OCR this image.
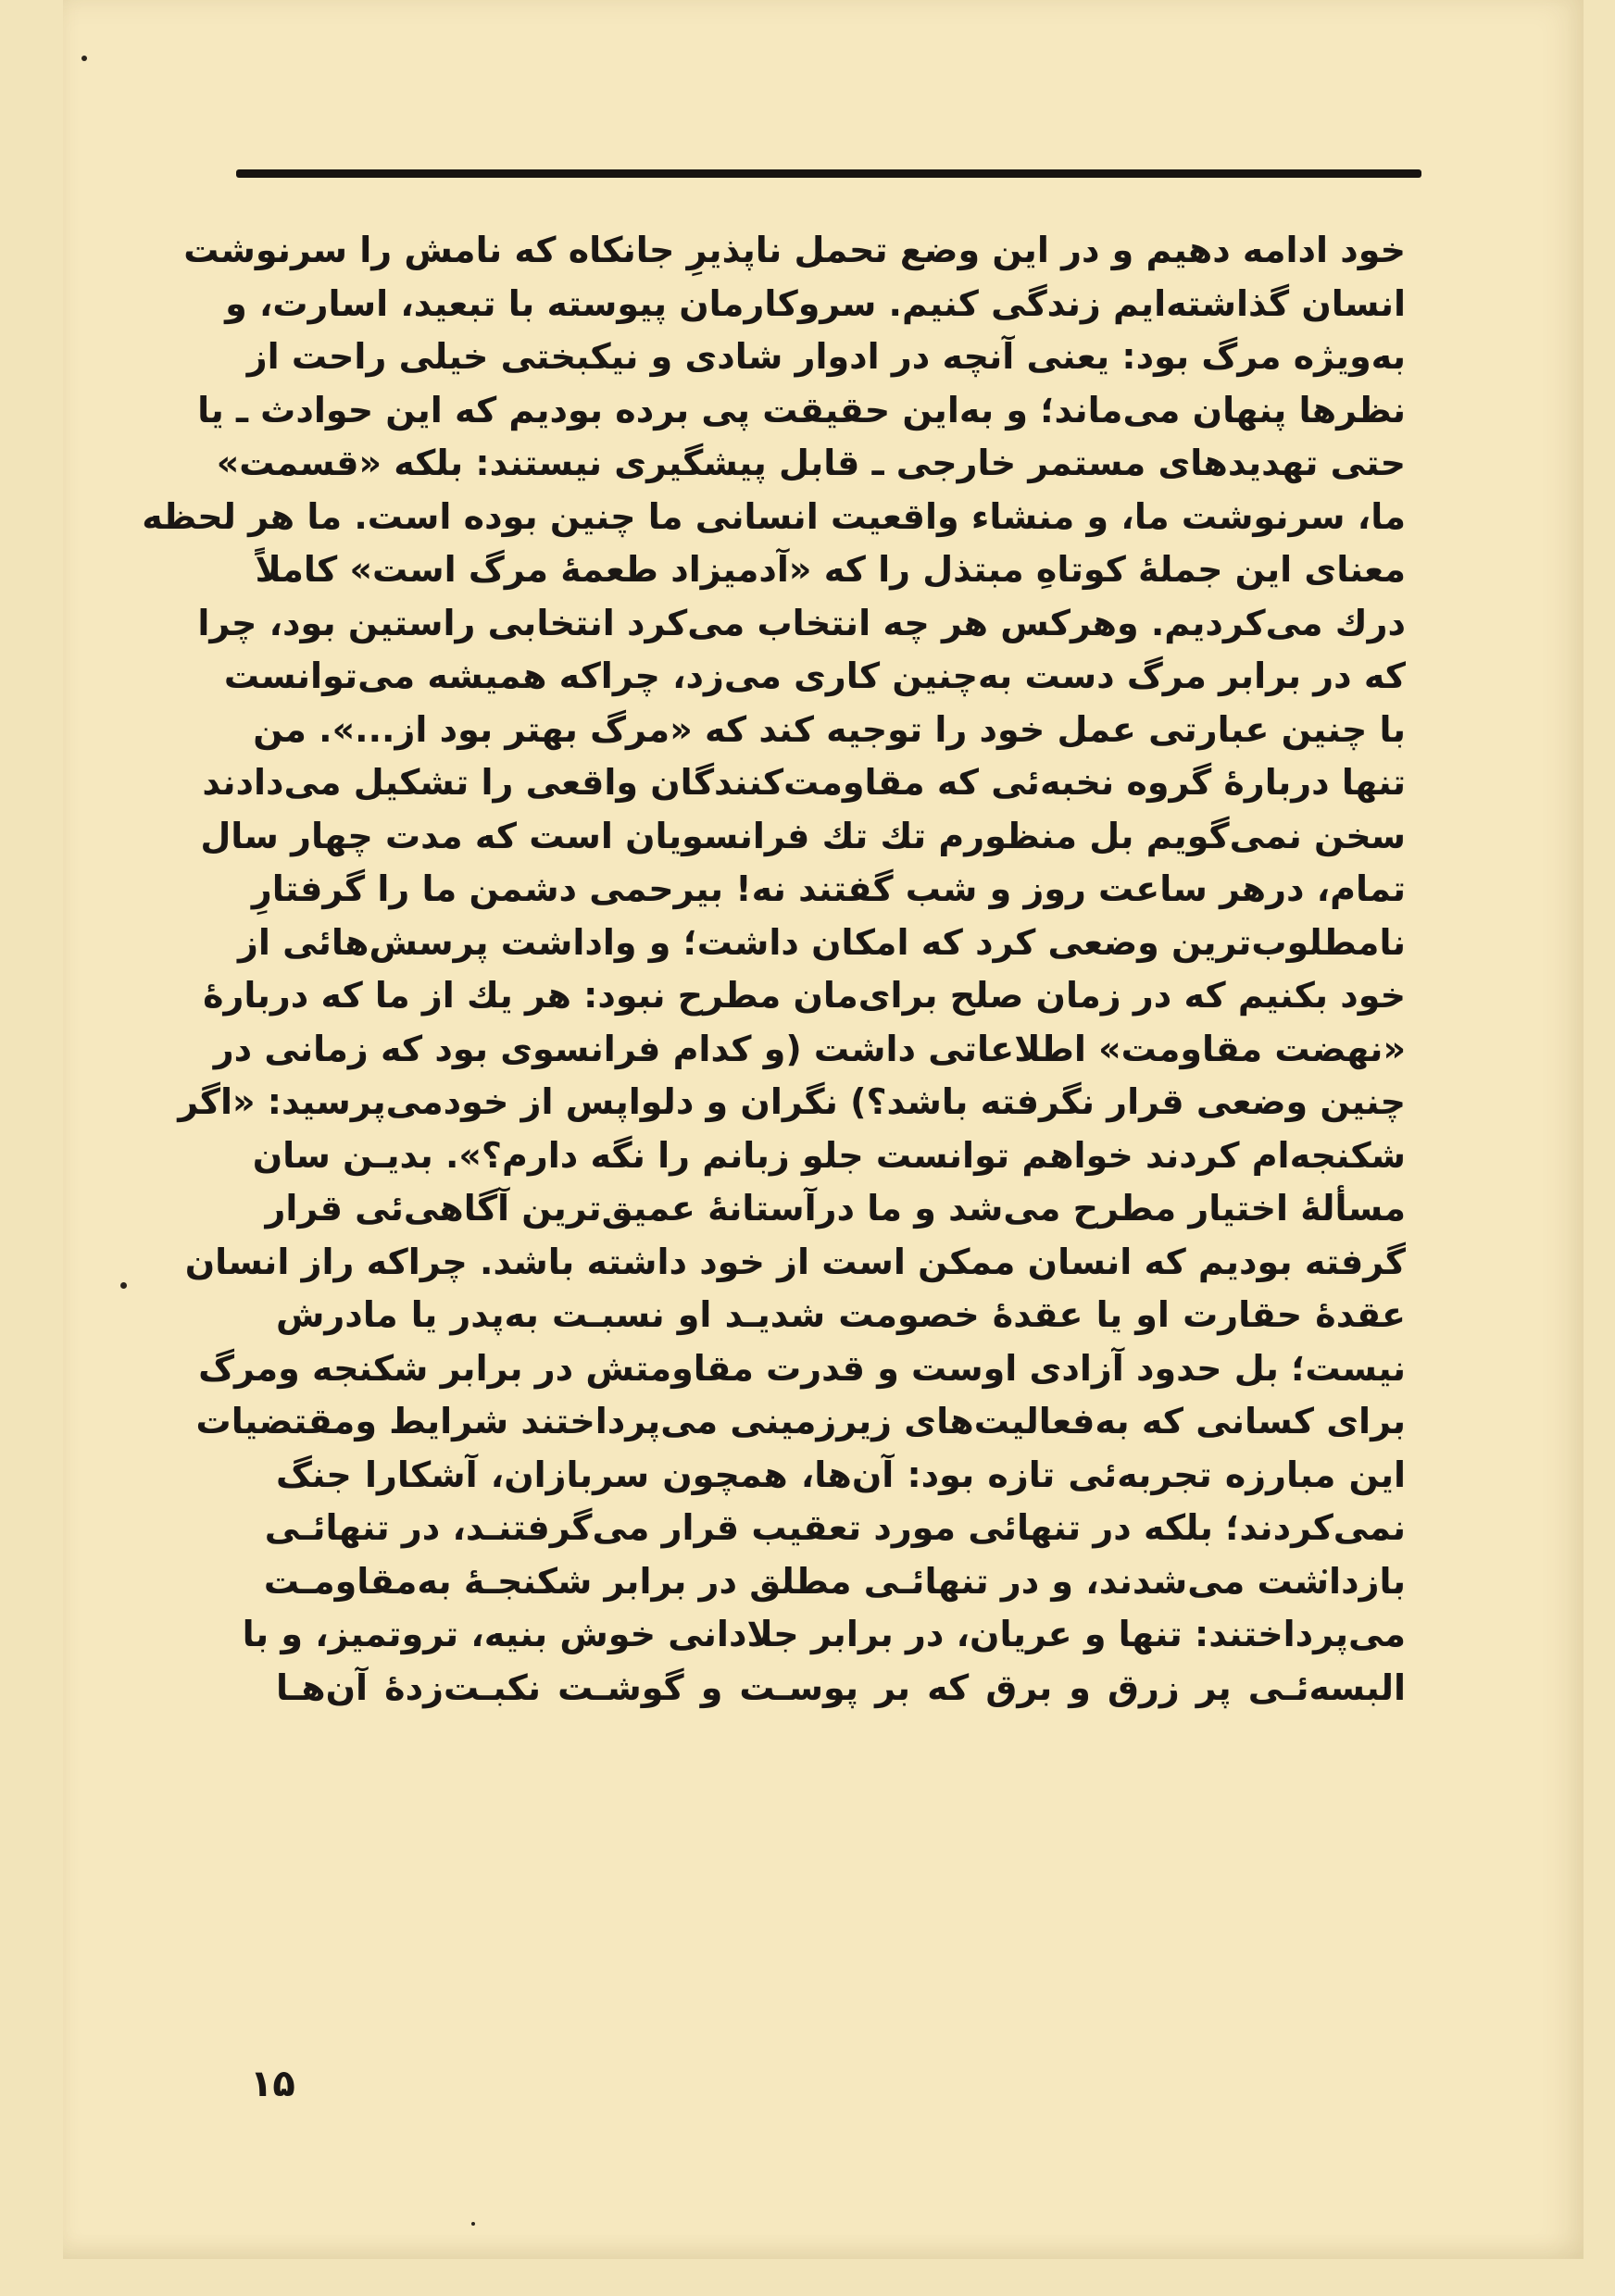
خود ادامه دهیم و در این وضع تحمل ناپذیرِ جانکاه که نامش را سرنوشت
انسان گذاشته‌ایم زندگی کنیم. سروکارمان پیوسته با تبعید، اسارت، و
به‌ویژه مرگ بود: یعنی آنچه در ادوار شادی و نیکبختی خیلی راحت از
نظرها پنهان می‌ماند؛ و به‌این حقیقت پی برده بودیم که این حوادث ـ یا
حتی تهدیدهای مستمر خارجی ـ قابل پیشگیری نیستند: بلکه «قسمت»
ما، سرنوشت ما، و منشاء واقعیت انسانی ما چنین بوده است. ما هر لحظه
معنای این جملهٔ کوتاهِ مبتذل را که «آدمیزاد طعمهٔ مرگ است» کاملاً
درك می‌کردیم. وهرکس هر چه انتخاب می‌کرد انتخابی راستین بود، چرا
که در برابر مرگ دست به‌چنین کاری می‌زد، چراکه همیشه می‌توانست
با چنین عبارتی عمل خود را توجیه کند که «مرگ بهتر بود از...». من
تنها دربارهٔ گروه نخبه‌ئی که مقاومت‌کنندگان واقعی را تشکیل می‌دادند
سخن نمی‌گویم بل منظورم تك تك فرانسویان است که مدت چهار سال
تمام، درهر ساعت روز و شب گفتند نه! بیرحمی دشمن ما را گرفتارِ
نامطلوب‌ترین وضعی کرد که امکان داشت؛ و واداشت پرسش‌هائی از
خود بکنیم که در زمان صلح برای‌مان مطرح نبود: هر یك از ما که دربارهٔ
«نهضت مقاومت» اطلاعاتی داشت (و کدام فرانسوی بود که زمانی در
چنین وضعی قرار نگرفته باشد؟) نگران و دلواپس از خودمی‌پرسید: «اگر
شکنجه‌ام کردند خواهم توانست جلو زبانم را نگه دارم؟». بدیـن سان
مسألهٔ اختیار مطرح می‌شد و ما درآستانهٔ عمیق‌ترین آگاهی‌ئی قرار
گرفته بودیم که انسان ممکن است از خود داشته باشد. چراکه راز انسان
عقدهٔ حقارت او یا عقدهٔ خصومت شدیـد او نسبـت به‌پدر یا مادرش
نیست؛ بل حدود آزادی اوست و قدرت مقاومتش در برابر شکنجه ومرگ
برای کسانی که به‌فعالیت‌های زیرزمینی می‌پرداختند شرایط ومقتضیات
این مبارزه تجربه‌ئی تازه بود: آن‌ها، همچون سربازان، آشکارا جنگ
نمی‌کردند؛ بلکه در تنهائی مورد تعقیب قرار می‌گرفتنـد، در تنهائـی
بازداشت می‌شدند، و در تنهائـی مطلق در برابر شکنجـهٔ به‌مقاومـت
می‌پرداختند: تنها و عریان، در برابر جلادانی خوش بنیه، تروتمیز، و با
البسه‌ئـی پر زرق و برق که بر پوسـت و گوشـت نکبـت‌زدهٔ آن‌هـا
۱۵
